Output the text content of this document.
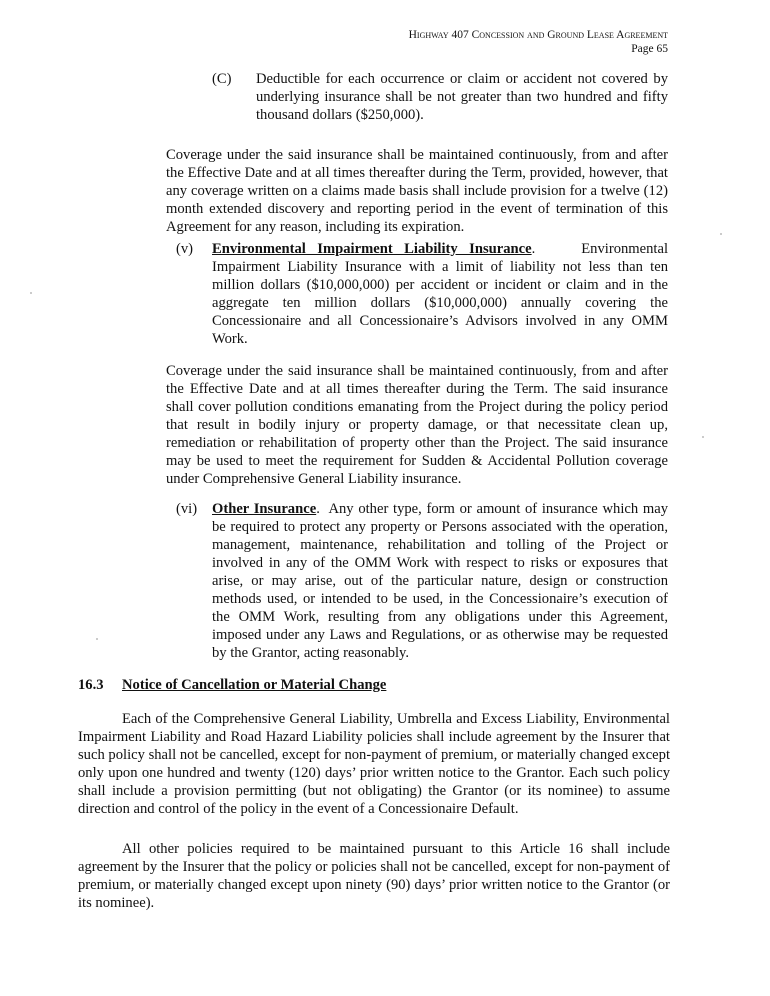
Highway 407 Concession and Ground Lease Agreement
Page 65
(C) Deductible for each occurrence or claim or accident not covered by underlying insurance shall be not greater than two hundred and fifty thousand dollars ($250,000).

Coverage under the said insurance shall be maintained continuously, from and after the Effective Date and at all times thereafter during the Term, provided, however, that any coverage written on a claims made basis shall include provision for a twelve (12) month extended discovery and reporting period in the event of termination of this Agreement for any reason, including its expiration.

(v) Environmental Impairment Liability Insurance.    Environmental Impairment Liability Insurance with a limit of liability not less than ten million dollars ($10,000,000) per accident or incident or claim and in the aggregate ten million dollars ($10,000,000) annually covering the Concessionaire and all Concessionaire’s Advisors involved in any OMM Work.

Coverage under the said insurance shall be maintained continuously, from and after the Effective Date and at all times thereafter during the Term. The said insurance shall cover pollution conditions emanating from the Project during the policy period that result in bodily injury or property damage, or that necessitate clean up, remediation or rehabilitation of property other than the Project. The said insurance may be used to meet the requirement for Sudden & Accidental Pollution coverage under Comprehensive General Liability insurance.

(vi) Other Insurance.  Any other type, form or amount of insurance which may be required to protect any property or Persons associated with the operation, management, maintenance, rehabilitation and tolling of the Project or involved in any of the OMM Work with respect to risks or exposures that arise, or may arise, out of the particular nature, design or construction methods used, or intended to be used, in the Concessionaire’s execution of the OMM Work, resulting from any obligations under this Agreement, imposed under any Laws and Regulations, or as otherwise may be requested by the Grantor, acting reasonably.

16.3 Notice of Cancellation or Material Change

Each of the Comprehensive General Liability, Umbrella and Excess Liability, Environmental Impairment Liability and Road Hazard Liability policies shall include agreement by the Insurer that such policy shall not be cancelled, except for non-payment of premium, or materially changed except only upon one hundred and twenty (120) days’ prior written notice to the Grantor. Each such policy shall include a provision permitting (but not obligating) the Grantor (or its nominee) to assume direction and control of the policy in the event of a Concessionaire Default.

All other policies required to be maintained pursuant to this Article 16 shall include agreement by the Insurer that the policy or policies shall not be cancelled, except for non-payment of premium, or materially changed except upon ninety (90) days’ prior written notice to the Grantor (or its nominee).
